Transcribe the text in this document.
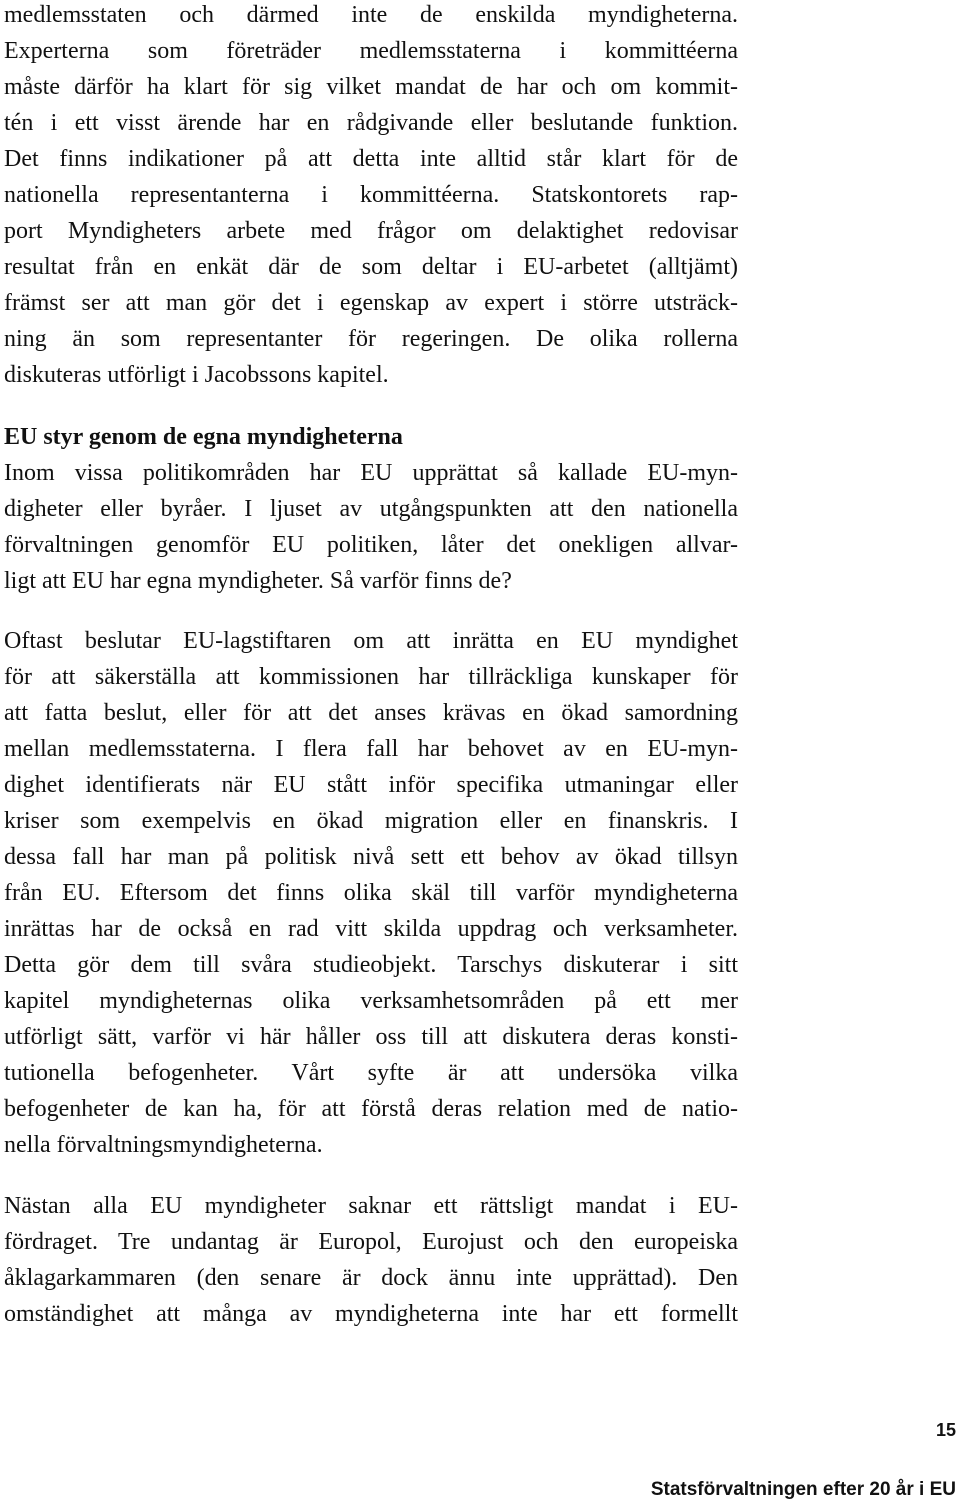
medlemsstaten och därmed inte de enskilda myndigheterna.
Experterna som företräder medlemsstaterna i kommittéerna
måste därför ha klart för sig vilket mandat de har och om kommit-
tén i ett visst ärende har en rådgivande eller beslutande funktion.
Det finns indikationer på att detta inte alltid står klart för de
nationella representanterna i kommittéerna. Statskontorets rap-
port Myndigheters arbete med frågor om delaktighet redovisar
resultat från en enkät där de som deltar i EU-arbetet (alltjämt)
främst ser att man gör det i egenskap av expert i större utsträck-
ning än som representanter för regeringen. De olika rollerna
diskuteras utförligt i Jacobssons kapitel.
EU styr genom de egna myndigheterna
Inom vissa politikområden har EU upprättat så kallade EU-myn-
digheter eller byråer. I ljuset av utgångspunkten att den nationella
förvaltningen genomför EU politiken, låter det onekligen allvar-
ligt att EU har egna myndigheter. Så varför finns de?
Oftast beslutar EU-lagstiftaren om att inrätta en EU myndighet
för att säkerställa att kommissionen har tillräckliga kunskaper för
att fatta beslut, eller för att det anses krävas en ökad samordning
mellan medlemsstaterna. I flera fall har behovet av en EU-myn-
dighet identifierats när EU stått inför specifika utmaningar eller
kriser som exempelvis en ökad migration eller en finanskris. I
dessa fall har man på politisk nivå sett ett behov av ökad tillsyn
från EU. Eftersom det finns olika skäl till varför myndigheterna
inrättas har de också en rad vitt skilda uppdrag och verksamheter.
Detta gör dem till svåra studieobjekt. Tarschys diskuterar i sitt
kapitel myndigheternas olika verksamhetsområden på ett mer
utförligt sätt, varför vi här håller oss till att diskutera deras konsti-
tutionella befogenheter. Vårt syfte är att undersöka vilka
befogenheter de kan ha, för att förstå deras relation med de natio-
nella förvaltningsmyndigheterna.
Nästan alla EU myndigheter saknar ett rättsligt mandat i EU-
fördraget. Tre undantag är Europol, Eurojust och den europeiska
åklagarkammaren (den senare är dock ännu inte upprättad). Den
omständighet att många av myndigheterna inte har ett formellt
15
Statsförvaltningen efter 20 år i EU
